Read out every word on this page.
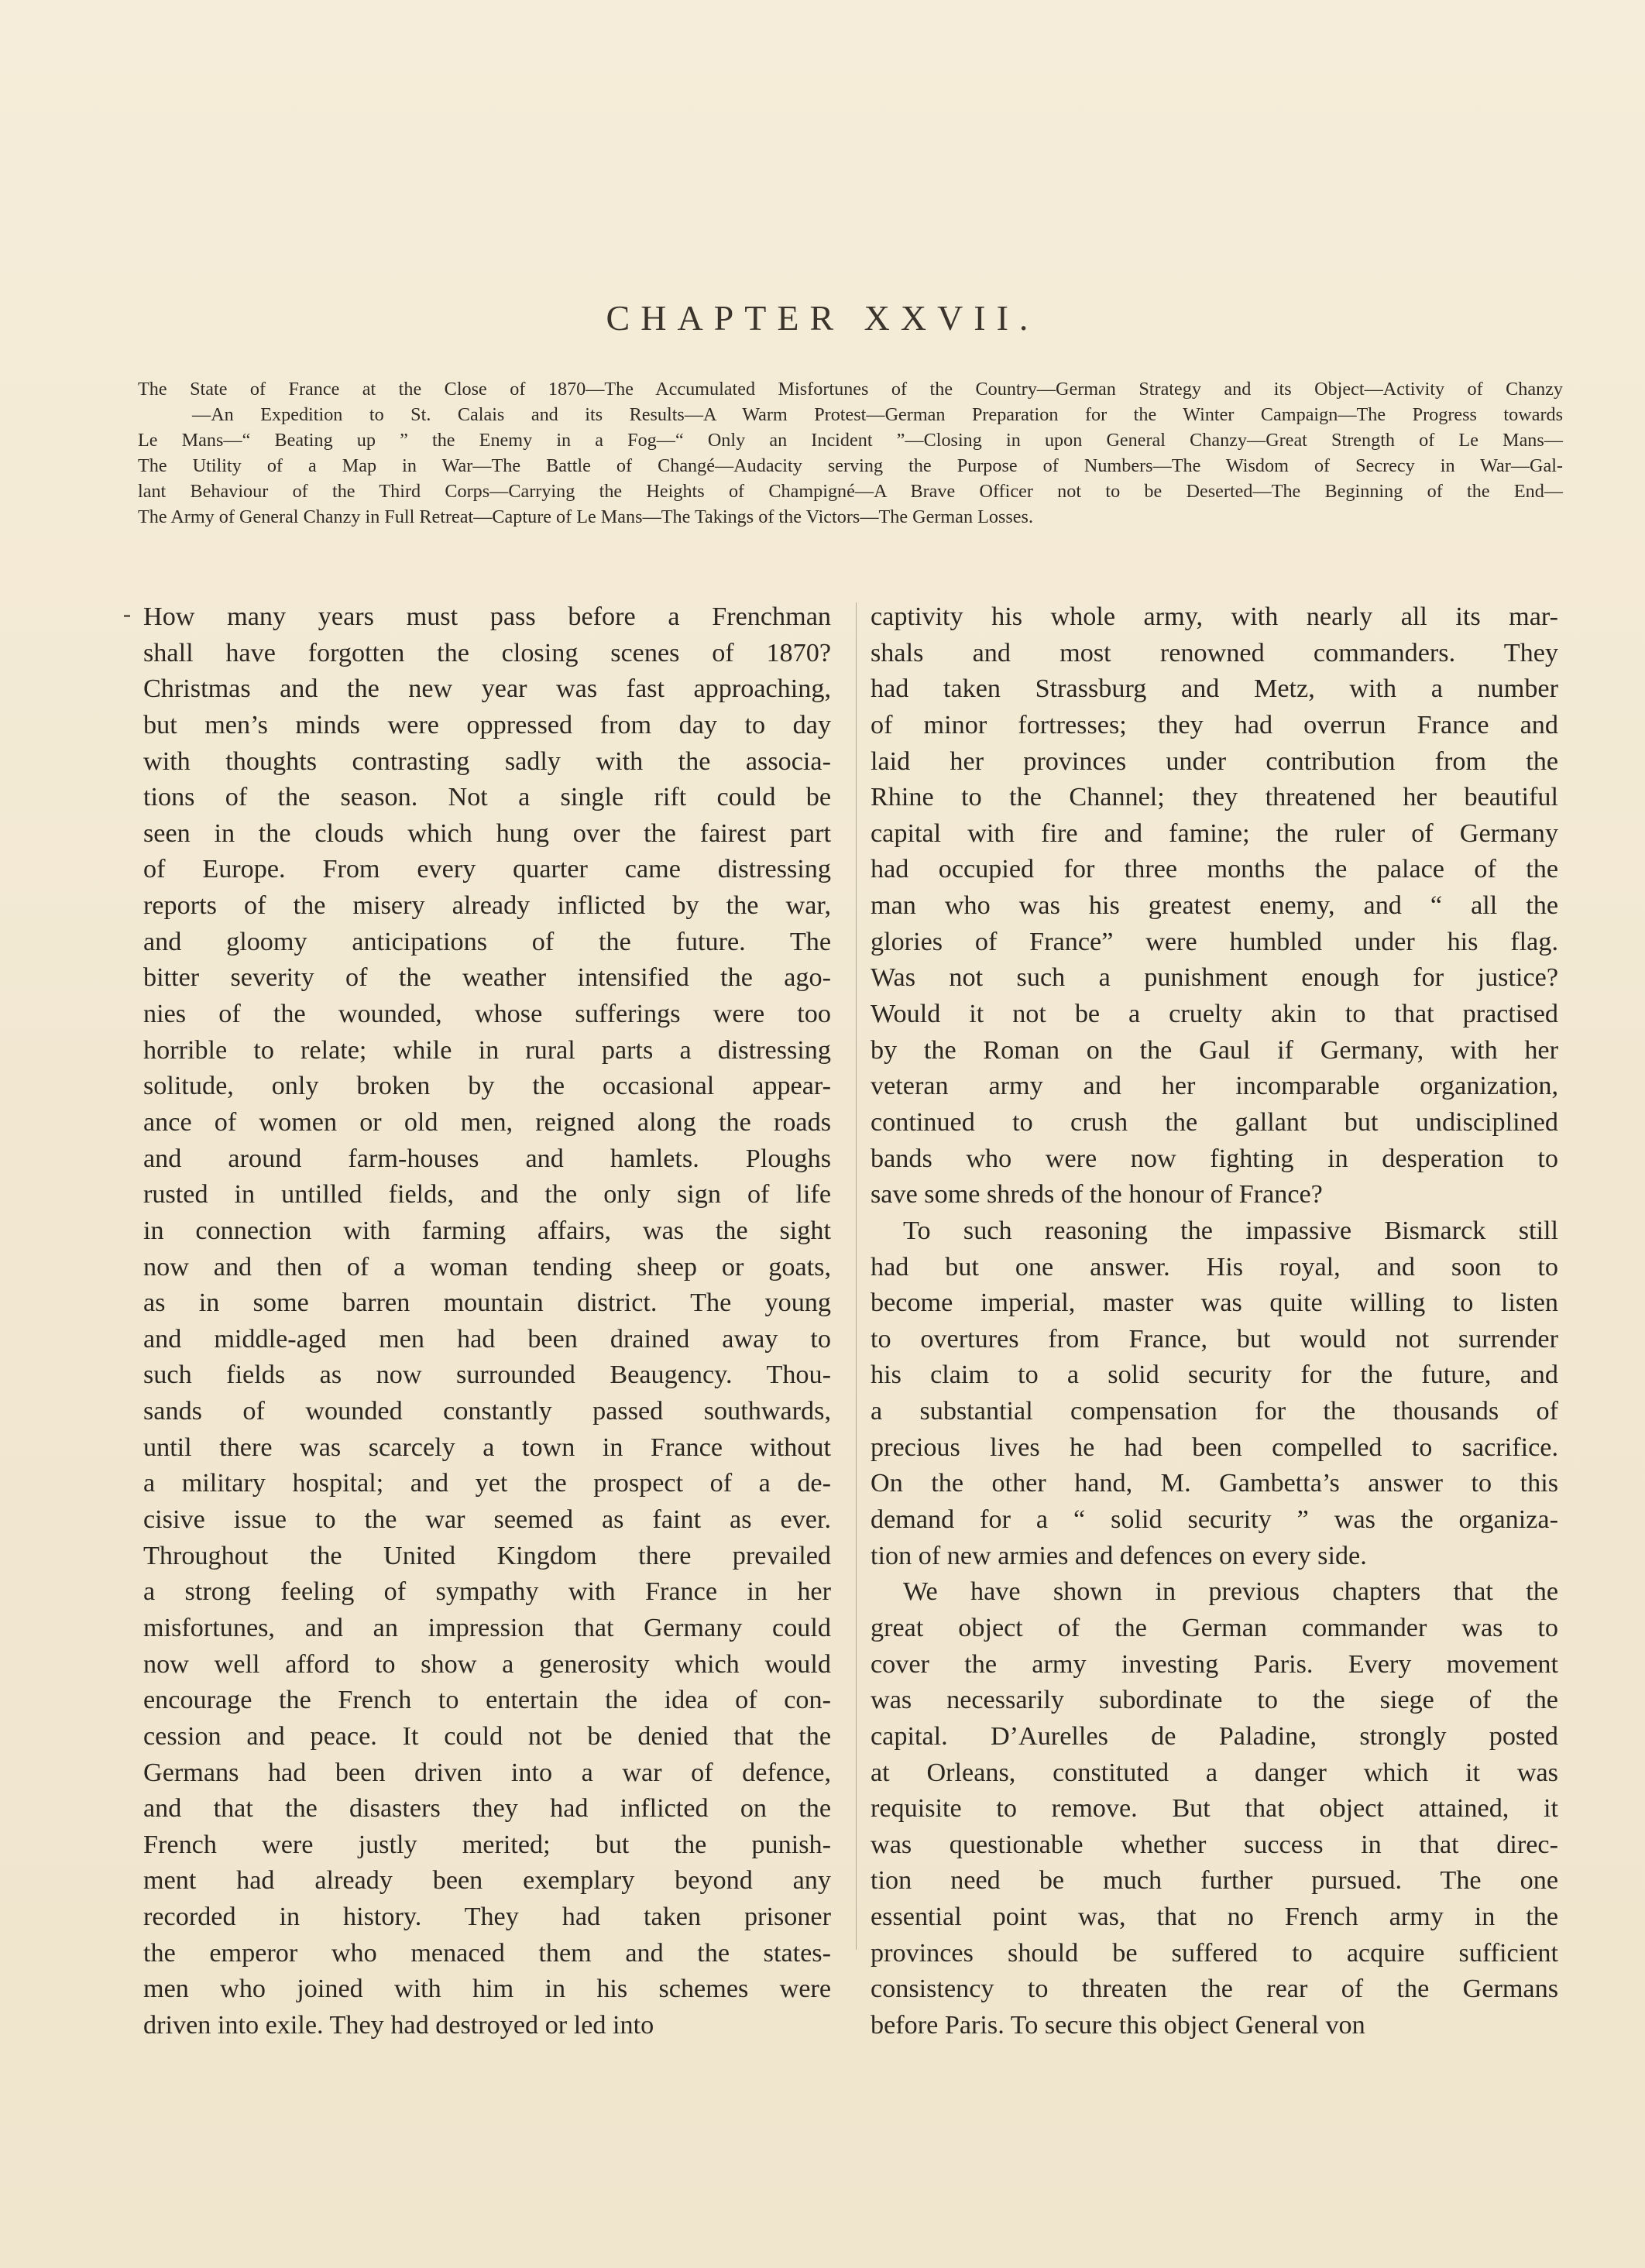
CHAPTER XXVII.
The State of France at the Close of 1870—The Accumulated Misfortunes of the Country—German Strategy and its Object—Activity of Chanzy
—An Expedition to St. Calais and its Results—A Warm Protest—German Preparation for the Winter Campaign—The Progress towards
Le Mans—“ Beating up ” the Enemy in a Fog—“ Only an Incident ”—Closing in upon General Chanzy—Great Strength of Le Mans—
The Utility of a Map in War—The Battle of Changé—Audacity serving the Purpose of Numbers—The Wisdom of Secrecy in War—Gal-
lant Behaviour of the Third Corps—Carrying the Heights of Champigné—A Brave Officer not to be Deserted—The Beginning of the End—
The Army of General Chanzy in Full Retreat—Capture of Le Mans—The Takings of the Victors—The German Losses.
How many years must pass before a Frenchman
shall have forgotten the closing scenes of 1870?
Christmas and the new year was fast approaching,
but men’s minds were oppressed from day to day
with thoughts contrasting sadly with the associa-
tions of the season. Not a single rift could be
seen in the clouds which hung over the fairest part
of Europe. From every quarter came distressing
reports of the misery already inflicted by the war,
and gloomy anticipations of the future. The
bitter severity of the weather intensified the ago-
nies of the wounded, whose sufferings were too
horrible to relate; while in rural parts a distressing
solitude, only broken by the occasional appear-
ance of women or old men, reigned along the roads
and around farm-houses and hamlets. Ploughs
rusted in untilled fields, and the only sign of life
in connection with farming affairs, was the sight
now and then of a woman tending sheep or goats,
as in some barren mountain district. The young
and middle-aged men had been drained away to
such fields as now surrounded Beaugency. Thou-
sands of wounded constantly passed southwards,
until there was scarcely a town in France without
a military hospital; and yet the prospect of a de-
cisive issue to the war seemed as faint as ever.
Throughout the United Kingdom there prevailed
a strong feeling of sympathy with France in her
misfortunes, and an impression that Germany could
now well afford to show a generosity which would
encourage the French to entertain the idea of con-
cession and peace. It could not be denied that the
Germans had been driven into a war of defence,
and that the disasters they had inflicted on the
French were justly merited; but the punish-
ment had already been exemplary beyond any
recorded in history. They had taken prisoner
the emperor who menaced them and the states-
men who joined with him in his schemes were
driven into exile. They had destroyed or led into
captivity his whole army, with nearly all its mar-
shals and most renowned commanders. They
had taken Strassburg and Metz, with a number
of minor fortresses; they had overrun France and
laid her provinces under contribution from the
Rhine to the Channel; they threatened her beautiful
capital with fire and famine; the ruler of Germany
had occupied for three months the palace of the
man who was his greatest enemy, and “ all the
glories of France” were humbled under his flag.
Was not such a punishment enough for justice?
Would it not be a cruelty akin to that practised
by the Roman on the Gaul if Germany, with her
veteran army and her incomparable organization,
continued to crush the gallant but undisciplined
bands who were now fighting in desperation to
save some shreds of the honour of France?
To such reasoning the impassive Bismarck still
had but one answer. His royal, and soon to
become imperial, master was quite willing to listen
to overtures from France, but would not surrender
his claim to a solid security for the future, and
a substantial compensation for the thousands of
precious lives he had been compelled to sacrifice.
On the other hand, M. Gambetta’s answer to this
demand for a “ solid security ” was the organiza-
tion of new armies and defences on every side.
We have shown in previous chapters that the
great object of the German commander was to
cover the army investing Paris. Every movement
was necessarily subordinate to the siege of the
capital. D’Aurelles de Paladine, strongly posted
at Orleans, constituted a danger which it was
requisite to remove. But that object attained, it
was questionable whether success in that direc-
tion need be much further pursued. The one
essential point was, that no French army in the
provinces should be suffered to acquire sufficient
consistency to threaten the rear of the Germans
before Paris. To secure this object General von
